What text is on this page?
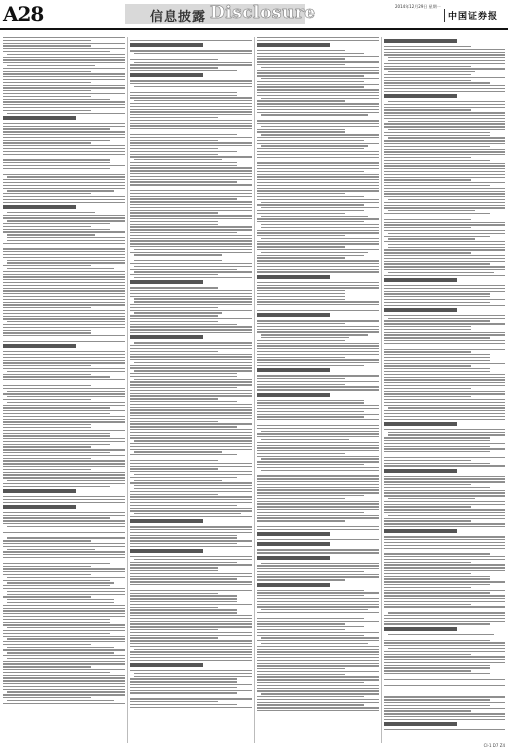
A28	信息披露 Disclosure	2014年12月29日 星期一
中国证券报
CI-1 D7 Z4
